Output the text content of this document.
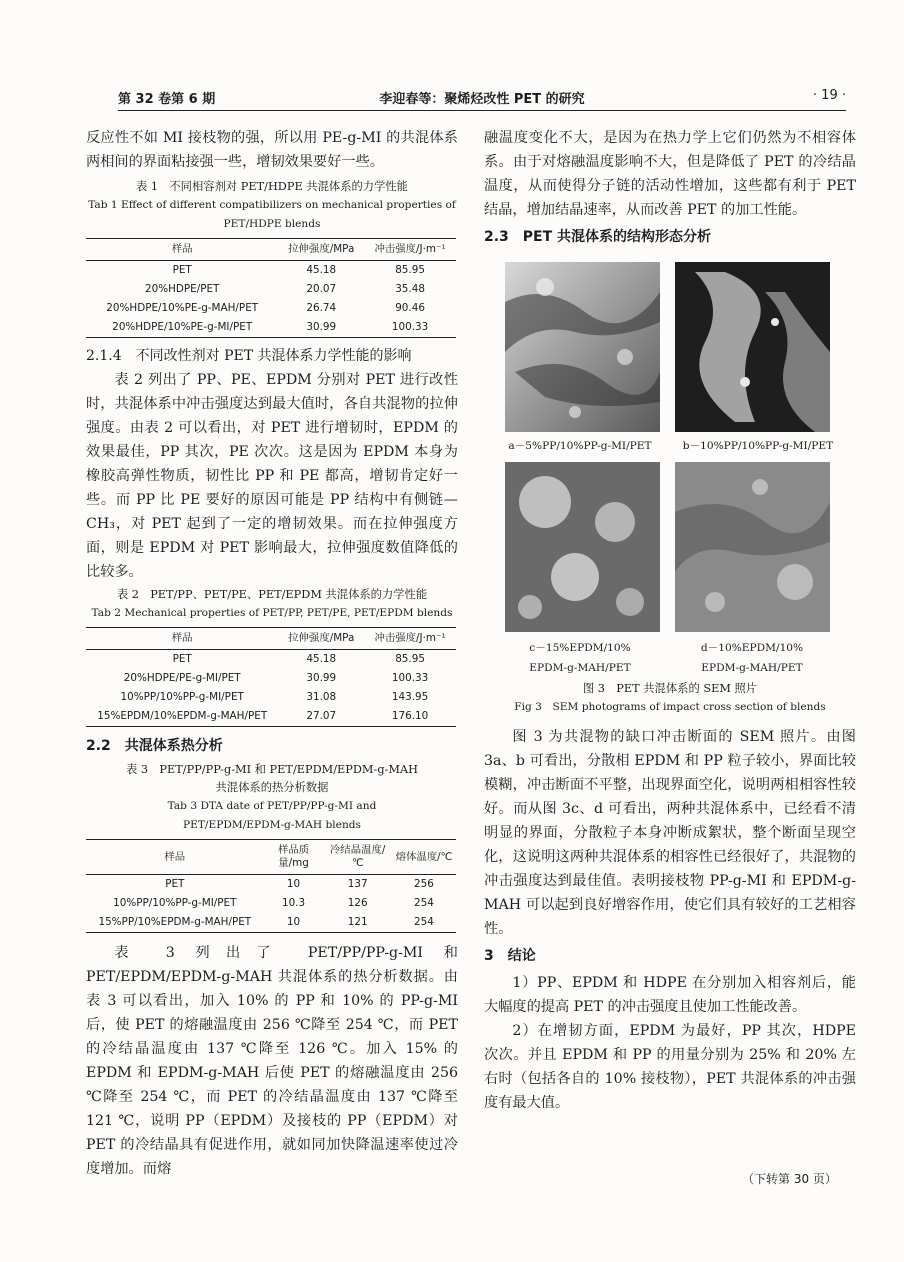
第 32 卷第 6 期	李迎春等：聚烯烃改性 PET 的研究	· 19 ·

反应性不如 MI 接枝物的强，所以用 PE-g-MI 的共混体系两相间的界面粘接强一些，增韧效果要好一些。

表 1　不同相容剂对 PET/HDPE 共混体系的力学性能

Tab 1 Effect of different compatibilizers on mechanical properties of PET/HDPE blends

样品	拉伸强度/MPa	冲击强度/J·m⁻¹
PET	45.18	85.95
20%HDPE/PET	20.07	35.48
20%HDPE/10%PE-g-MAH/PET	26.74	90.46
20%HDPE/10%PE-g-MI/PET	30.99	100.33

2.1.4　不同改性剂对 PET 共混体系力学性能的影响

表 2 列出了 PP、PE、EPDM 分别对 PET 进行改性时，共混体系中冲击强度达到最大值时，各自共混物的拉伸强度。由表 2 可以看出，对 PET 进行增韧时，EPDM 的效果最佳，PP 其次，PE 次次。这是因为 EPDM 本身为橡胶高弹性物质，韧性比 PP 和 PE 都高，增韧肯定好一些。而 PP 比 PE 要好的原因可能是 PP 结构中有侧链—CH₃，对 PET 起到了一定的增韧效果。而在拉伸强度方面，则是 EPDM 对 PET 影响最大，拉伸强度数值降低的比较多。

表 2　PET/PP、PET/PE、PET/EPDM 共混体系的力学性能

Tab 2 Mechanical properties of PET/PP, PET/PE, PET/EPDM blends

样品	拉伸强度/MPa	冲击强度/J·m⁻¹
PET	45.18	85.95
20%HDPE/PE-g-MI/PET	30.99	100.33
10%PP/10%PP-g-MI/PET	31.08	143.95
15%EPDM/10%EPDM-g-MAH/PET	27.07	176.10

2.2　共混体系热分析

表 3　PET/PP/PP-g-MI 和 PET/EPDM/EPDM-g-MAH 共混体系的热分析数据

Tab 3 DTA date of PET/PP/PP-g-MI and PET/EPDM/EPDM-g-MAH blends

样品	样品质量/mg	冷结晶温度/℃	熔体温度/℃
PET	10	137	256
10%PP/10%PP-g-MI/PET	10.3	126	254
15%PP/10%EPDM-g-MAH/PET	10	121	254

表 3 列出了 PET/PP/PP-g-MI 和 PET/EPDM/EPDM-g-MAH 共混体系的热分析数据。由表 3 可以看出，加入 10% 的 PP 和 10% 的 PP-g-MI 后，使 PET 的熔融温度由 256 ℃降至 254 ℃，而 PET 的冷结晶温度由 137 ℃降至 126 ℃。加入 15% 的 EPDM 和 EPDM-g-MAH 后使 PET 的熔融温度由 256 ℃降至 254 ℃，而 PET 的冷结晶温度由 137 ℃降至 121 ℃，说明 PP（EPDM）及接枝的 PP（EPDM）对 PET 的冷结晶具有促进作用，就如同加快降温速率使过冷度增加。而熔

融温度变化不大，是因为在热力学上它们仍然为不相容体系。由于对熔融温度影响不大，但是降低了 PET 的冷结晶温度，从而使得分子链的活动性增加，这些都有利于 PET 结晶，增加结晶速率，从而改善 PET 的加工性能。

2.3　PET 共混体系的结构形态分析

a－5%PP/10%PP-g-MI/PET	b－10%PP/10%PP-g-MI/PET
c－15%EPDM/10%
EPDM-g-MAH/PET
d－10%EPDM/10%
EPDM-g-MAH/PET

图 3　PET 共混体系的 SEM 照片

Fig 3　SEM photograms of impact cross section of blends

图 3 为共混物的缺口冲击断面的 SEM 照片。由图 3a、b 可看出，分散相 EPDM 和 PP 粒子较小，界面比较模糊，冲击断面不平整，出现界面空化，说明两相相容性较好。而从图 3c、d 可看出，两种共混体系中，已经看不清明显的界面，分散粒子本身冲断成絮状，整个断面呈现空化，这说明这两种共混体系的相容性已经很好了，共混物的冲击强度达到最佳值。表明接枝物 PP-g-MI 和 EPDM-g-MAH 可以起到良好增容作用，使它们具有较好的工艺相容性。

3　结论

1）PP、EPDM 和 HDPE 在分别加入相容剂后，能大幅度的提高 PET 的冲击强度且使加工性能改善。

2）在增韧方面，EPDM 为最好，PP 其次，HDPE 次次。并且 EPDM 和 PP 的用量分别为 25% 和 20% 左右时（包括各自的 10% 接枝物），PET 共混体系的冲击强度有最大值。

（下转第 30 页）
